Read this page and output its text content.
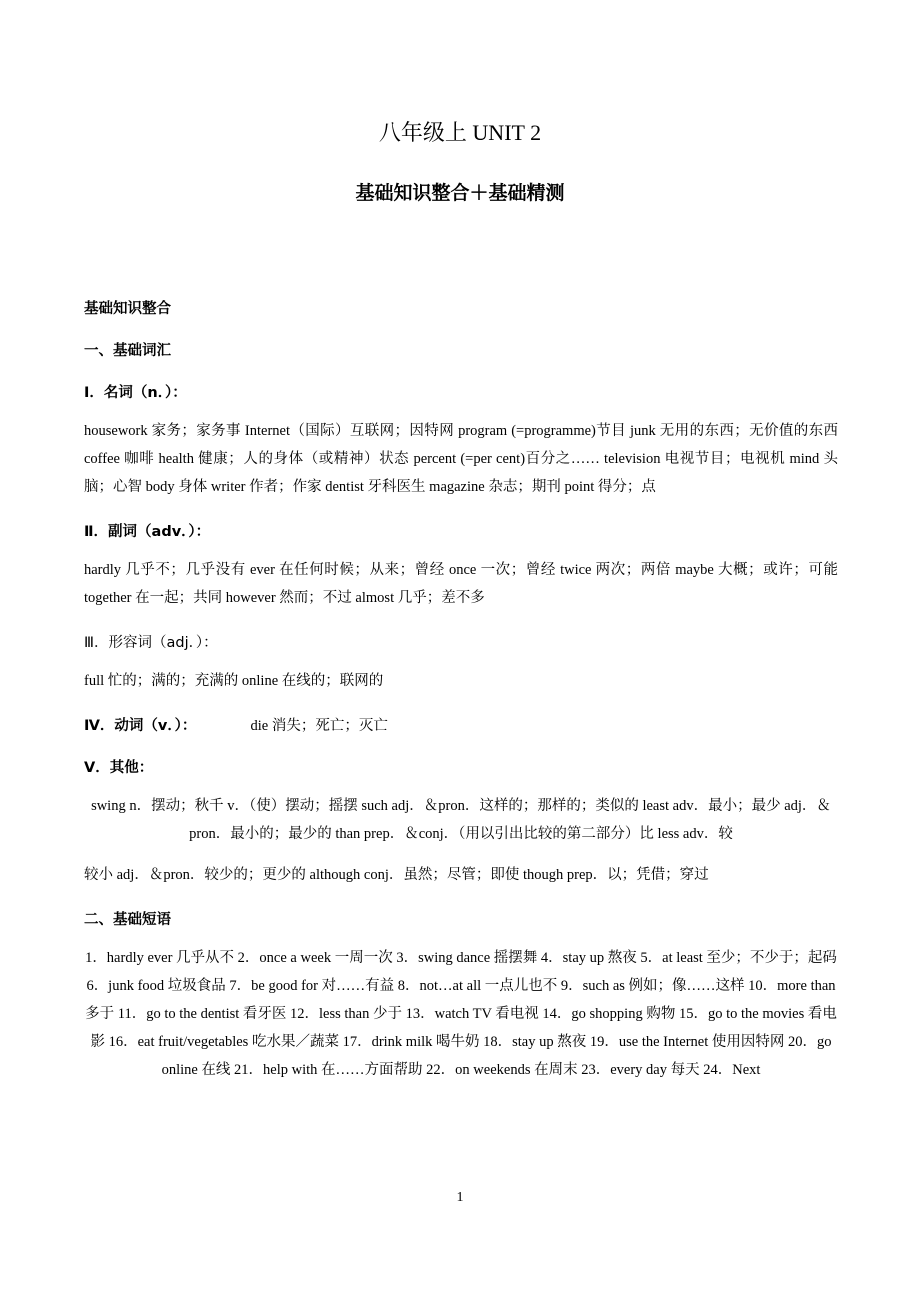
八年级上 UNIT 2
基础知识整合＋基础精测
基础知识整合
一、基础词汇
I．名词（n．）：
housework 家务；家务事 Internet（国际）互联网；因特网 program (=programme)节目 junk 无用的东西；无价值的东西 coffee 咖啡 health 健康；人的身体（或精神）状态 percent (=per cent)百分之…… television 电视节目；电视机 mind 头脑；心智 body 身体 writer 作者；作家 dentist 牙科医生 magazine 杂志；期刊 point 得分；点
Ⅱ．副词（adv．）：
hardly 几乎不；几乎没有 ever 在任何时候；从来；曾经 once 一次；曾经 twice 两次；两倍 maybe 大概；或许；可能 together 在一起；共同 however 然而；不过 almost 几乎；差不多
Ⅲ．形容词（adj．）：
full 忙的；满的；充满的 online 在线的；联网的
Ⅳ．动词（v．）：	die 消失；死亡；灭亡
Ⅴ．其他：
swing n．摆动；秋千 v．（使）摆动；摇摆 such adj．＆pron．这样的；那样的；类似的 least adv．最小；最少 adj．＆ pron．最小的；最少的 than prep．＆conj．（用以引出比较的第二部分）比 less adv．较
较小 adj．＆pron．较少的；更少的 although conj．虽然；尽管；即使 though prep．以；凭借；穿过
二、基础短语
1．hardly ever 几乎从不 2．once a week 一周一次 3．swing dance 摇摆舞 4．stay up 熬夜 5．at least 至少；不少于；起码 6．junk food 垃圾食品 7．be good for 对……有益 8．not…at all 一点儿也不 9．such as 例如；像……这样 10．more than 多于 11．go to the dentist 看牙医 12．less than 少于 13．watch TV 看电视 14．go shopping 购物 15．go to the movies 看电影 16．eat fruit/vegetables 吃水果／蔬菜 17．drink milk 喝牛奶 18．stay up 熬夜 19．use the Internet 使用因特网 20．go online 在线 21．help with 在……方面帮助 22．on weekends 在周末 23．every day 每天 24．Next
1
